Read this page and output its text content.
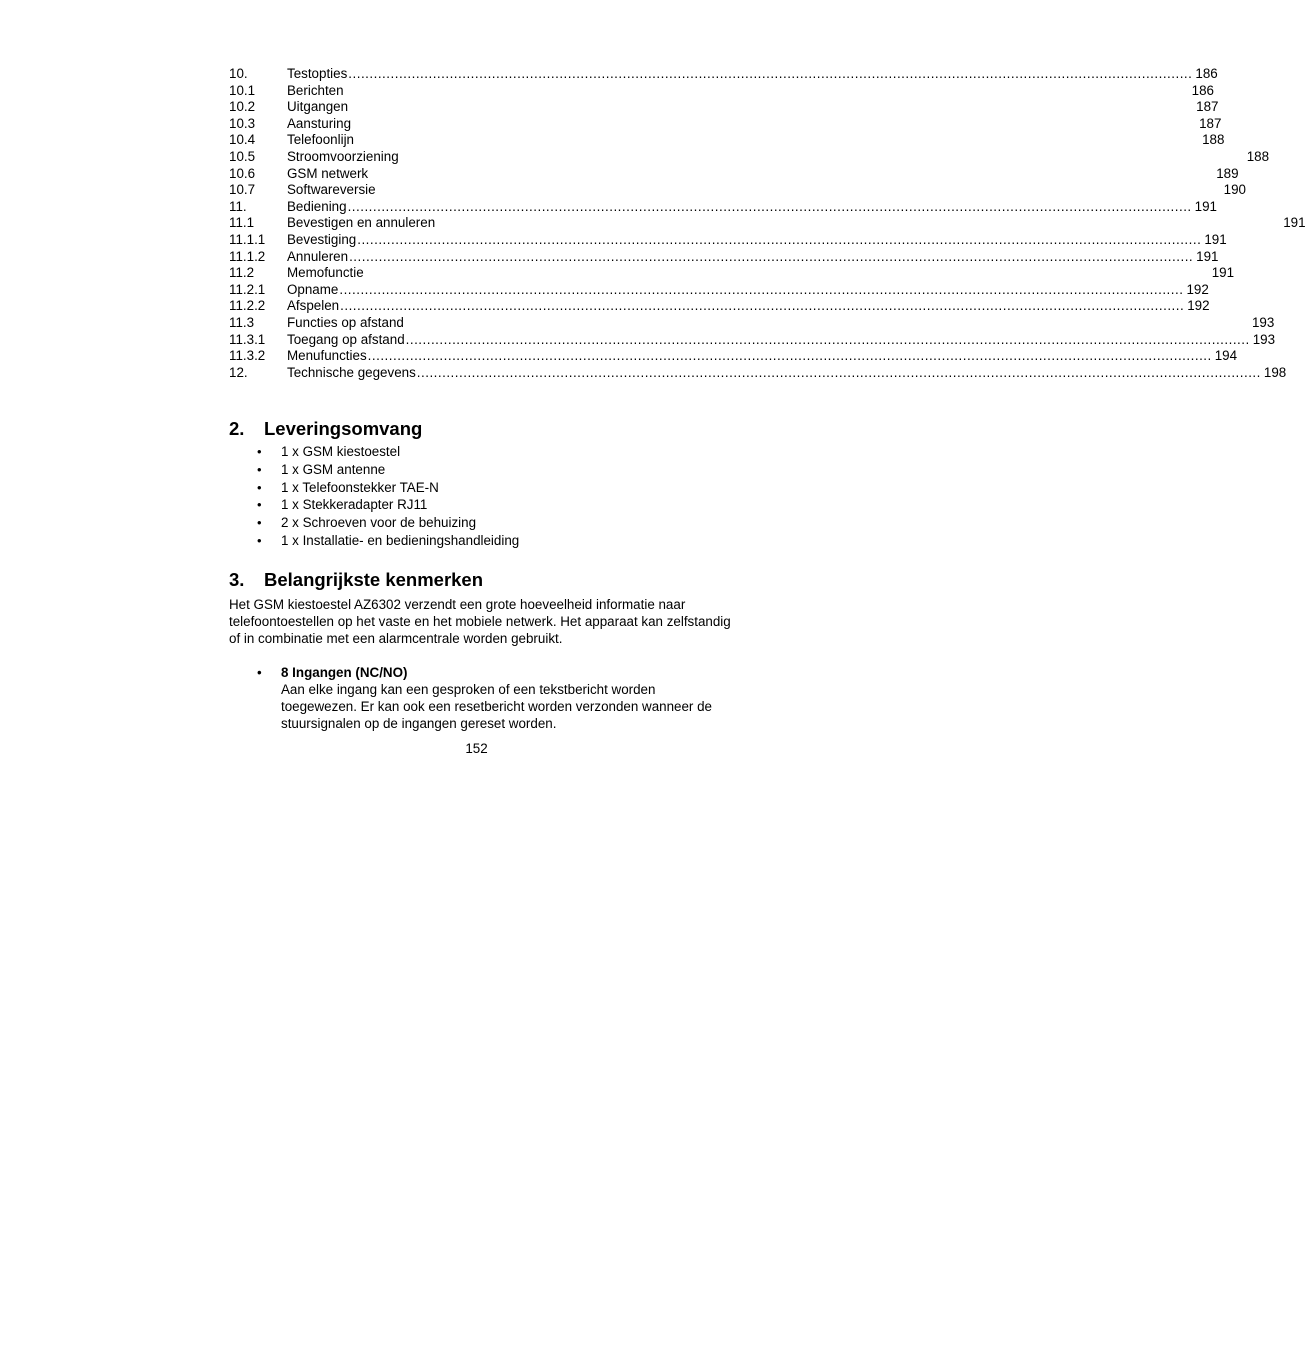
10.	Testopties ........................................................................................................................................................................................................ 186
10.1	Berichten	186
10.2	Uitgangen	187
10.3	Aansturing	187
10.4	Telefoonlijn	188
10.5	Stroomvoorziening	188
10.6	GSM netwerk	189
10.7	Softwareversie	190
11.	Bediening ........................................................................................................................................................................................................ 191
11.1	Bevestigen en annuleren	191
11.1.1	Bevestiging ........................................................................................................................................................................................................ 191
11.1.2	Annuleren ........................................................................................................................................................................................................ 191
11.2	Memofunctie	191
11.2.1	Opname ........................................................................................................................................................................................................ 192
11.2.2	Afspelen ........................................................................................................................................................................................................ 192
11.3	Functies op afstand	193
11.3.1	Toegang op afstand ........................................................................................................................................................................................................ 193
11.3.2	Menufuncties ........................................................................................................................................................................................................ 194
12.	Technische gegevens ........................................................................................................................................................................................................ 198
2.	Leveringsomvang
• 1 x GSM kiestoestel
• 1 x GSM antenne
• 1 x Telefoonstekker TAE-N
• 1 x Stekkeradapter RJ11
• 2 x Schroeven voor de behuizing
• 1 x Installatie- en bedieningshandleiding
3.	Belangrijkste kenmerken

Het GSM kiestoestel AZ6302 verzendt een grote hoeveelheid informatie naar telefoontoestellen op het vaste en het mobiele netwerk. Het apparaat kan zelfstandig of in combinatie met een alarmcentrale worden gebruikt.

• 8 Ingangen (NC/NO)
Aan elke ingang kan een gesproken of een tekstbericht worden toegewezen. Er kan ook een resetbericht worden verzonden wanneer de stuursignalen op de ingangen gereset worden.
152
